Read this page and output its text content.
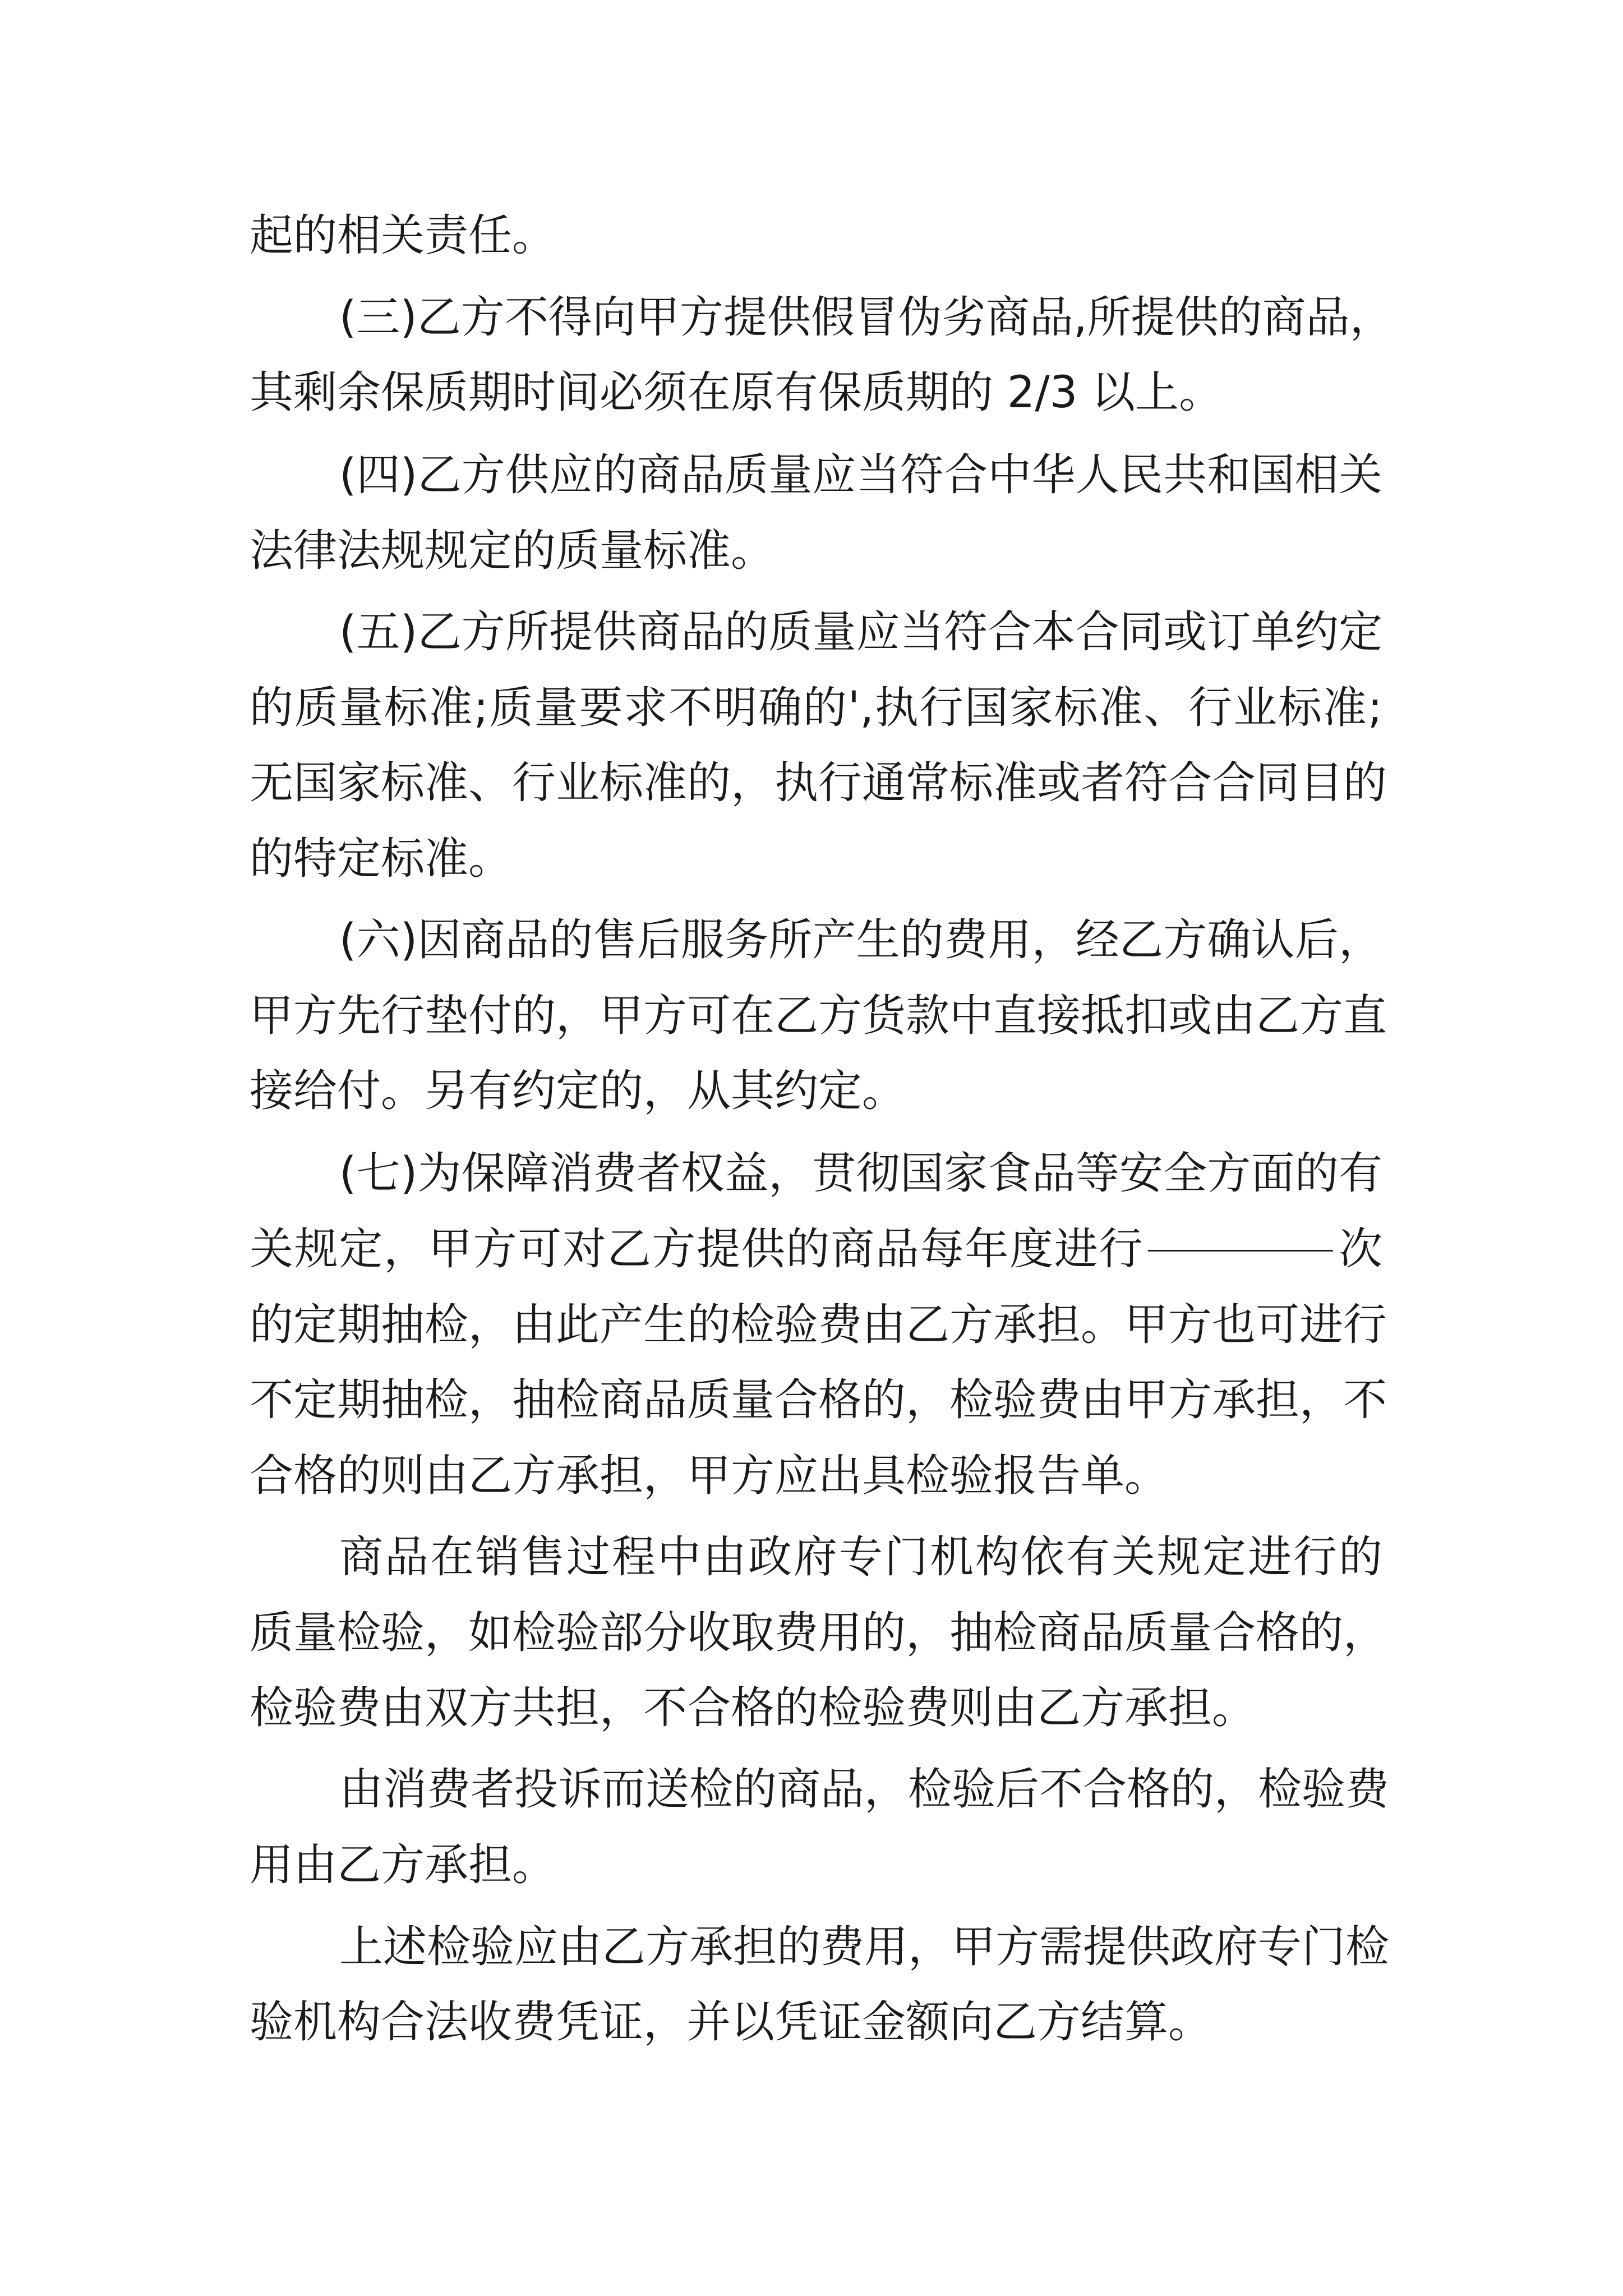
起的相关责任。
(三)乙方不得向甲方提供假冒伪劣商品,所提供的商品，
其剩余保质期时间必须在原有保质期的 2/3 以上。
(四)乙方供应的商品质量应当符合中华人民共和国相关
法律法规规定的质量标准。
(五)乙方所提供商品的质量应当符合本合同或订单约定
的质量标准;质量要求不明确的',执行国家标准、行业标准;
无国家标准、行业标准的，执行通常标准或者符合合同目的
的特定标准。
(六)因商品的售后服务所产生的费用，经乙方确认后，
甲方先行垫付的，甲方可在乙方货款中直接抵扣或由乙方直
接给付。另有约定的，从其约定。
(七)为保障消费者权益，贯彻国家食品等安全方面的有
关规定，甲方可对乙方提供的商品每年度进行	次
的定期抽检，由此产生的检验费由乙方承担。甲方也可进行
不定期抽检，抽检商品质量合格的，检验费由甲方承担，不
合格的则由乙方承担，甲方应出具检验报告单。
商品在销售过程中由政府专门机构依有关规定进行的
质量检验，如检验部分收取费用的，抽检商品质量合格的，
检验费由双方共担，不合格的检验费则由乙方承担。
由消费者投诉而送检的商品，检验后不合格的，检验费
用由乙方承担。
上述检验应由乙方承担的费用，甲方需提供政府专门检
验机构合法收费凭证，并以凭证金额向乙方结算。
